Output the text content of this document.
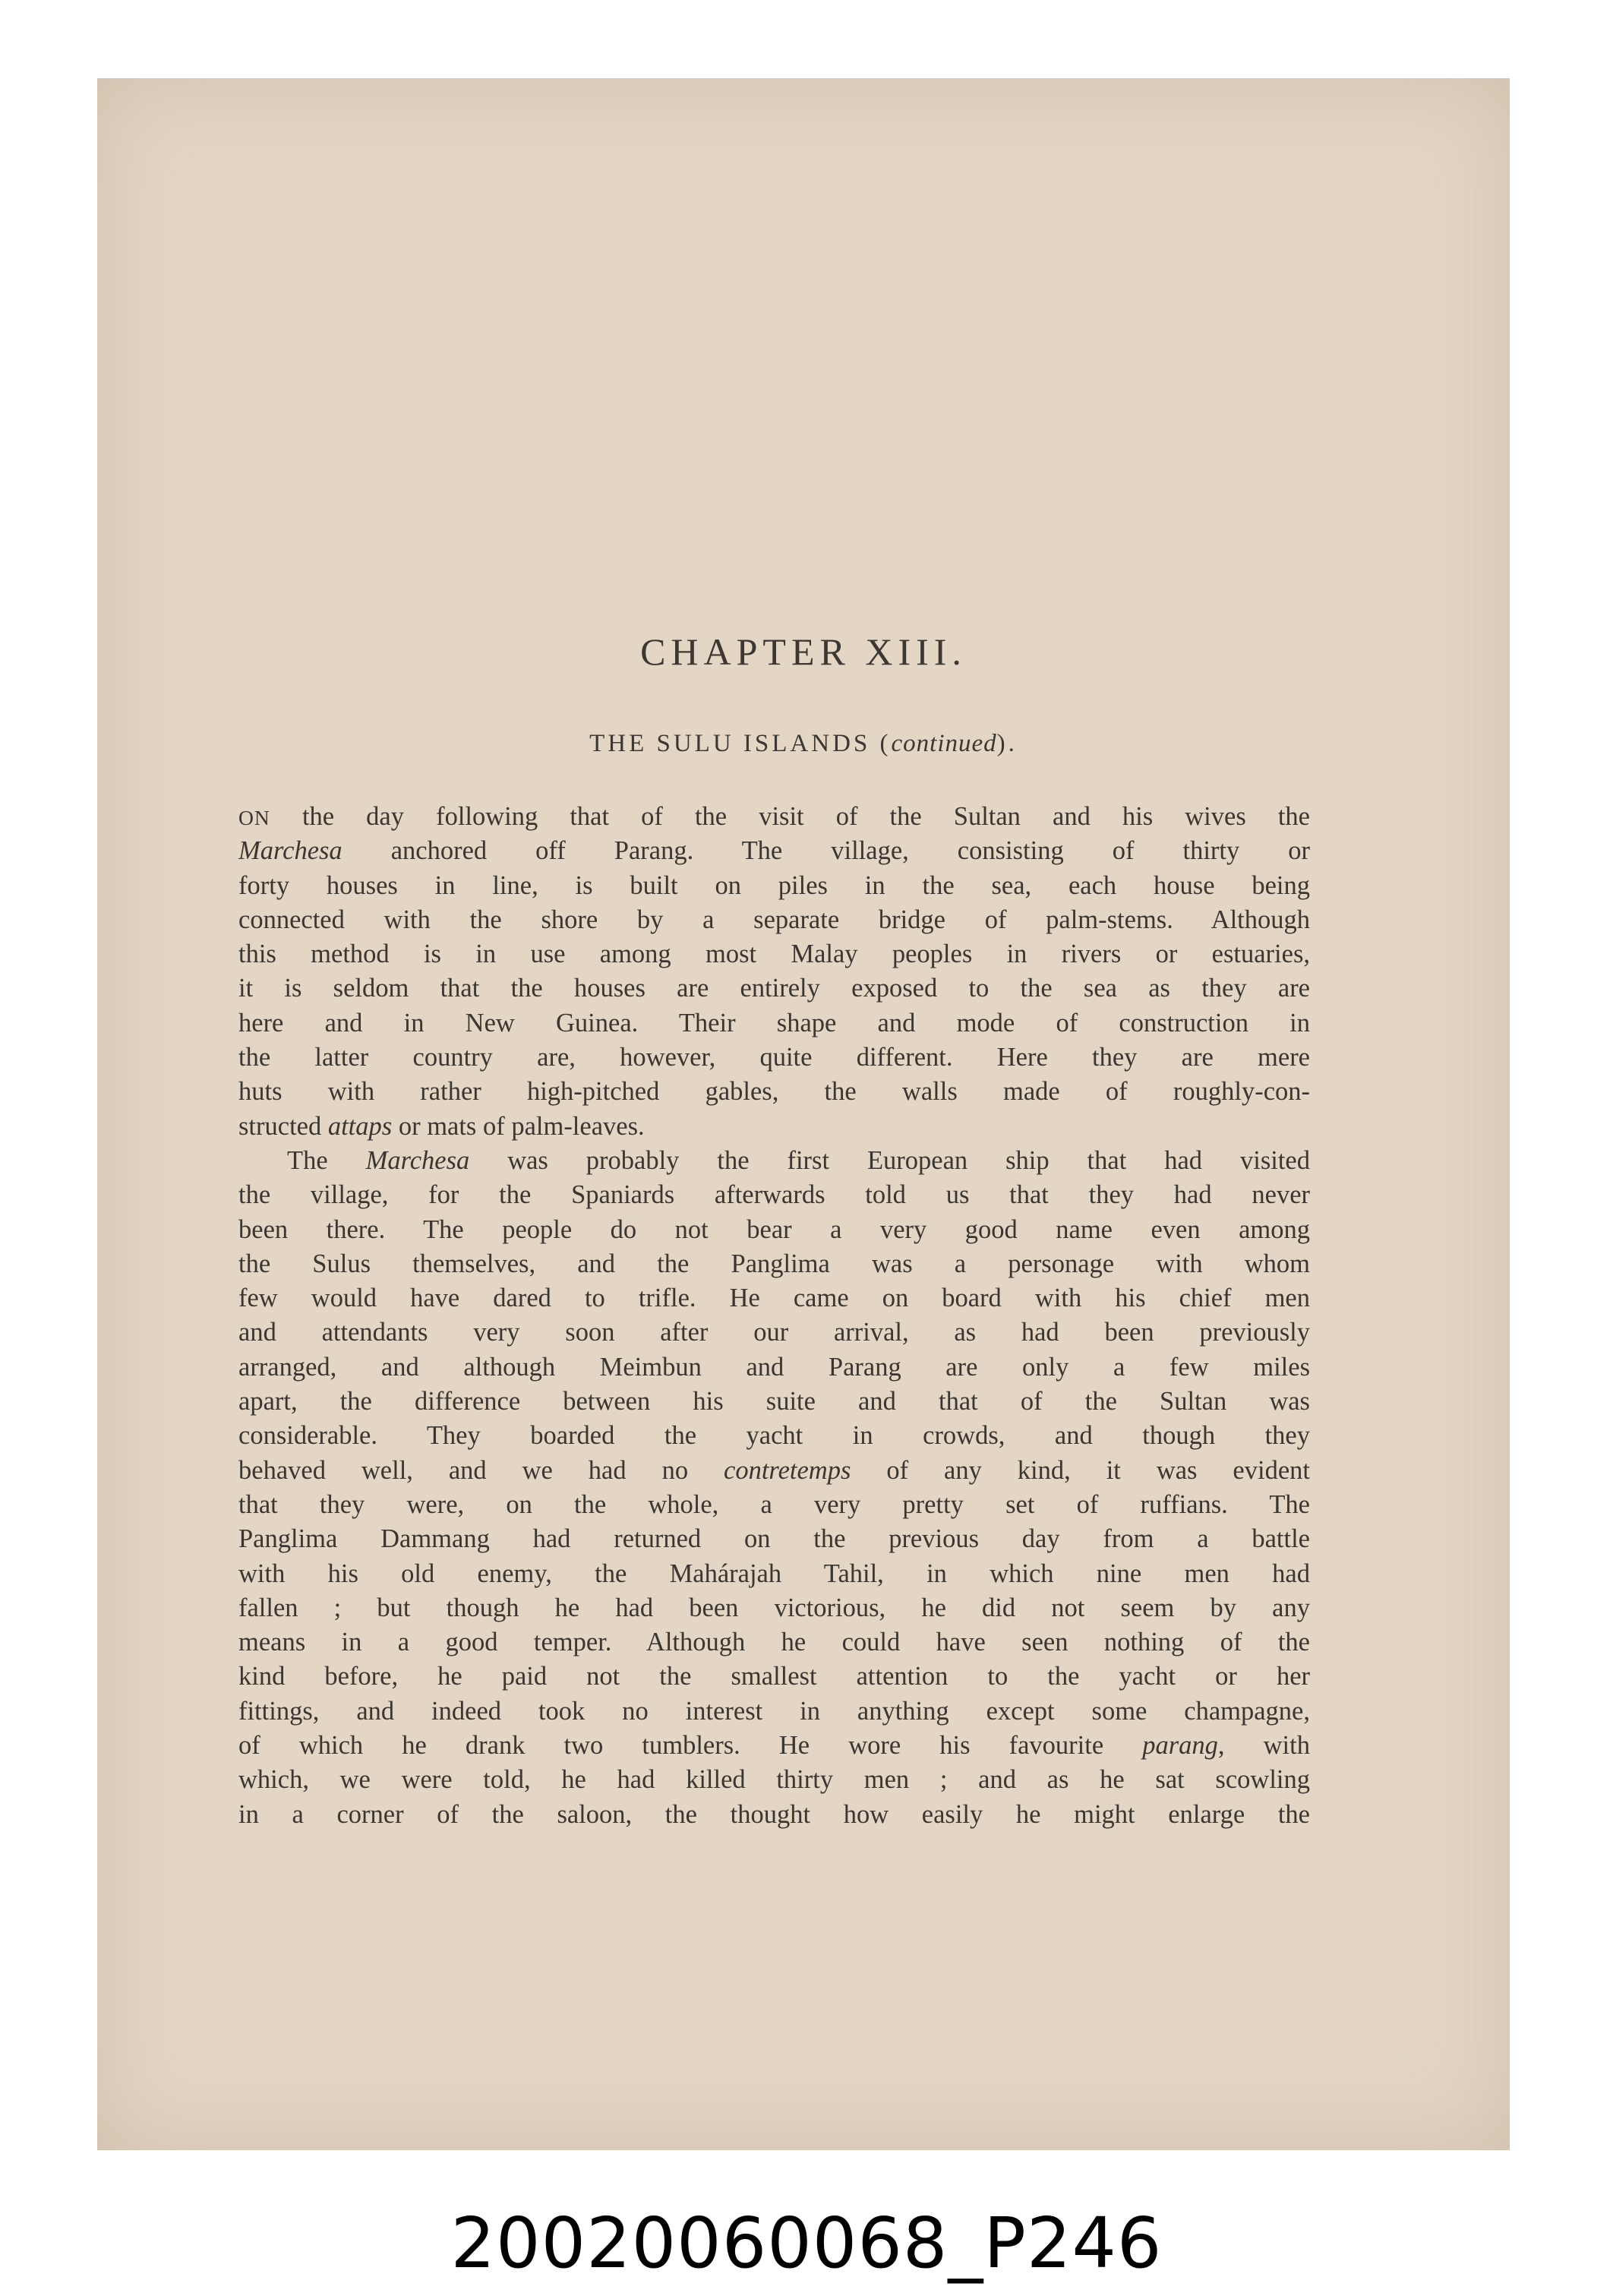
CHAPTER XIII.
THE SULU ISLANDS (continued).
ON the day following that of the visit of the Sultan and his wives the
Marchesa anchored off Parang. The village, consisting of thirty or
forty houses in line, is built on piles in the sea, each house being
connected with the shore by a separate bridge of palm-stems. Although
this method is in use among most Malay peoples in rivers or estuaries,
it is seldom that the houses are entirely exposed to the sea as they are
here and in New Guinea. Their shape and mode of construction in
the latter country are, however, quite different. Here they are mere
huts with rather high-pitched gables, the walls made of roughly-con-
structed attaps or mats of palm-leaves.
The Marchesa was probably the first European ship that had visited
the village, for the Spaniards afterwards told us that they had never
been there. The people do not bear a very good name even among
the Sulus themselves, and the Panglima was a personage with whom
few would have dared to trifle. He came on board with his chief men
and attendants very soon after our arrival, as had been previously
arranged, and although Meimbun and Parang are only a few miles
apart, the difference between his suite and that of the Sultan was
considerable. They boarded the yacht in crowds, and though they
behaved well, and we had no contretemps of any kind, it was evident
that they were, on the whole, a very pretty set of ruffians. The
Panglima Dammang had returned on the previous day from a battle
with his old enemy, the Mahárajah Tahil, in which nine men had
fallen ; but though he had been victorious, he did not seem by any
means in a good temper. Although he could have seen nothing of the
kind before, he paid not the smallest attention to the yacht or her
fittings, and indeed took no interest in anything except some champagne,
of which he drank two tumblers. He wore his favourite parang, with
which, we were told, he had killed thirty men ; and as he sat scowling
in a corner of the saloon, the thought how easily he might enlarge the
20020060068_P246
